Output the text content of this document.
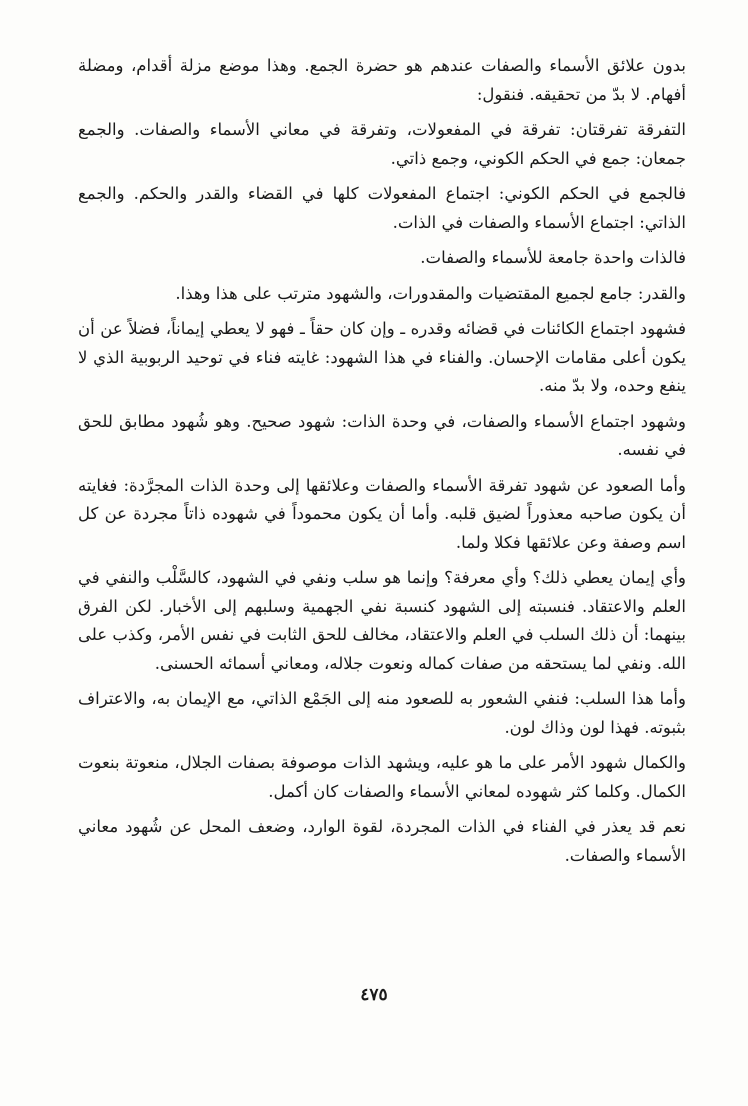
بدون علائق الأسماء والصفات عندهم هو حضرة الجمع. وهذا موضع مزلة أقدام، ومضلة أفهام. لا بدّ من تحقيقه. فنقول:

التفرقة تفرقتان: تفرقة في المفعولات، وتفرقة في معاني الأسماء والصفات. والجمع جمعان: جمع في الحكم الكوني، وجمع ذاتي.

فالجمع في الحكم الكوني: اجتماع المفعولات كلها في القضاء والقدر والحكم. والجمع الذاتي: اجتماع الأسماء والصفات في الذات.

فالذات واحدة جامعة للأسماء والصفات.

والقدر: جامع لجميع المقتضيات والمقدورات، والشهود مترتب على هذا وهذا.

فشهود اجتماع الكائنات في قضائه وقدره ـ وإن كان حقاً ـ فهو لا يعطي إيماناً، فضلاً عن أن يكون أعلى مقامات الإحسان. والفناء في هذا الشهود: غايته فناء في توحيد الربوبية الذي لا ينفع وحده، ولا بدّ منه.

وشهود اجتماع الأسماء والصفات، في وحدة الذات: شهود صحيح. وهو شُهود مطابق للحق في نفسه.

وأما الصعود عن شهود تفرقة الأسماء والصفات وعلائقها إلى وحدة الذات المجرَّدة: فغايته أن يكون صاحبه معذوراً لضيق قلبه. وأما أن يكون محموداً في شهوده ذاتاً مجردة عن كل اسم وصفة وعن علائقها فكلا ولما.

وأي إيمان يعطي ذلك؟ وأي معرفة؟ وإنما هو سلب ونفي في الشهود، كالسَّلْب والنفي في العلم والاعتقاد. فنسبته إلى الشهود كنسبة نفي الجهمية وسلبهم إلى الأخبار. لكن الفرق بينهما: أن ذلك السلب في العلم والاعتقاد، مخالف للحق الثابت في نفس الأمر، وكذب على الله. ونفي لما يستحقه من صفات كماله ونعوت جلاله، ومعاني أسمائه الحسنى.

وأما هذا السلب: فنفي الشعور به للصعود منه إلى الجَمْع الذاتي، مع الإيمان به، والاعتراف بثبوته. فهذا لون وذاك لون.

والكمال شهود الأمر على ما هو عليه، ويشهد الذات موصوفة بصفات الجلال، منعوتة بنعوت الكمال. وكلما كثر شهوده لمعاني الأسماء والصفات كان أكمل.

نعم قد يعذر في الفناء في الذات المجردة، لقوة الوارد، وضعف المحل عن شُهود معاني الأسماء والصفات.

٤٧٥
